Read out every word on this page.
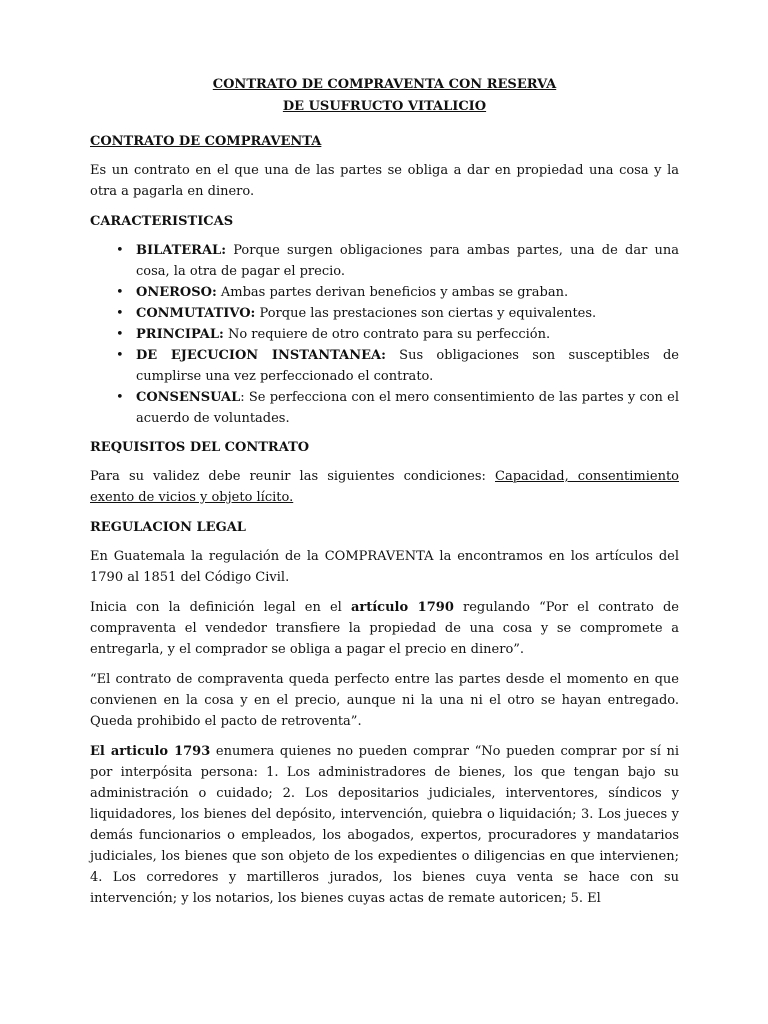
CONTRATO DE COMPRAVENTA CON RESERVA
DE USUFRUCTO VITALICIO
CONTRATO DE COMPRAVENTA

Es un contrato en el que una de las partes se obliga a dar en propiedad una cosa y la otra a pagarla en dinero.

CARACTERISTICAS
• BILATERAL: Porque surgen obligaciones para ambas partes, una de dar una cosa, la otra de pagar el precio.
• ONEROSO: Ambas partes derivan beneficios y ambas se graban.
• CONMUTATIVO: Porque las prestaciones son ciertas y equivalentes.
• PRINCIPAL: No requiere de otro contrato para su perfección.
• DE EJECUCION INSTANTANEA: Sus obligaciones son susceptibles de cumplirse una vez perfeccionado el contrato.
• CONSENSUAL: Se perfecciona con el mero consentimiento de las partes y con el acuerdo de voluntades.
REQUISITOS DEL CONTRATO

Para su validez debe reunir las siguientes condiciones: Capacidad, consentimiento exento de vicios y objeto lícito.

REGULACION LEGAL

En Guatemala la regulación de la COMPRAVENTA la encontramos en los artículos del 1790 al 1851 del Código Civil.

Inicia con la definición legal en el artículo 1790 regulando “Por el contrato de compraventa el vendedor transfiere la propiedad de una cosa y se compromete a entregarla, y el comprador se obliga a pagar el precio en dinero”.

“El contrato de compraventa queda perfecto entre las partes desde el momento en que convienen en la cosa y en el precio, aunque ni la una ni el otro se hayan entregado. Queda prohibido el pacto de retroventa”.

El articulo 1793 enumera quienes no pueden comprar “No pueden comprar por sí ni por interpósita persona: 1. Los administradores de bienes, los que tengan bajo su administración o cuidado; 2. Los depositarios judiciales, interventores, síndicos y liquidadores, los bienes del depósito, intervención, quiebra o liquidación; 3. Los jueces y demás funcionarios o empleados, los abogados, expertos, procuradores y mandatarios judiciales, los bienes que son objeto de los expedientes o diligencias en que intervienen; 4. Los corredores y martilleros jurados, los bienes cuya venta se hace con su intervención; y los notarios, los bienes cuyas actas de remate autoricen; 5. El
